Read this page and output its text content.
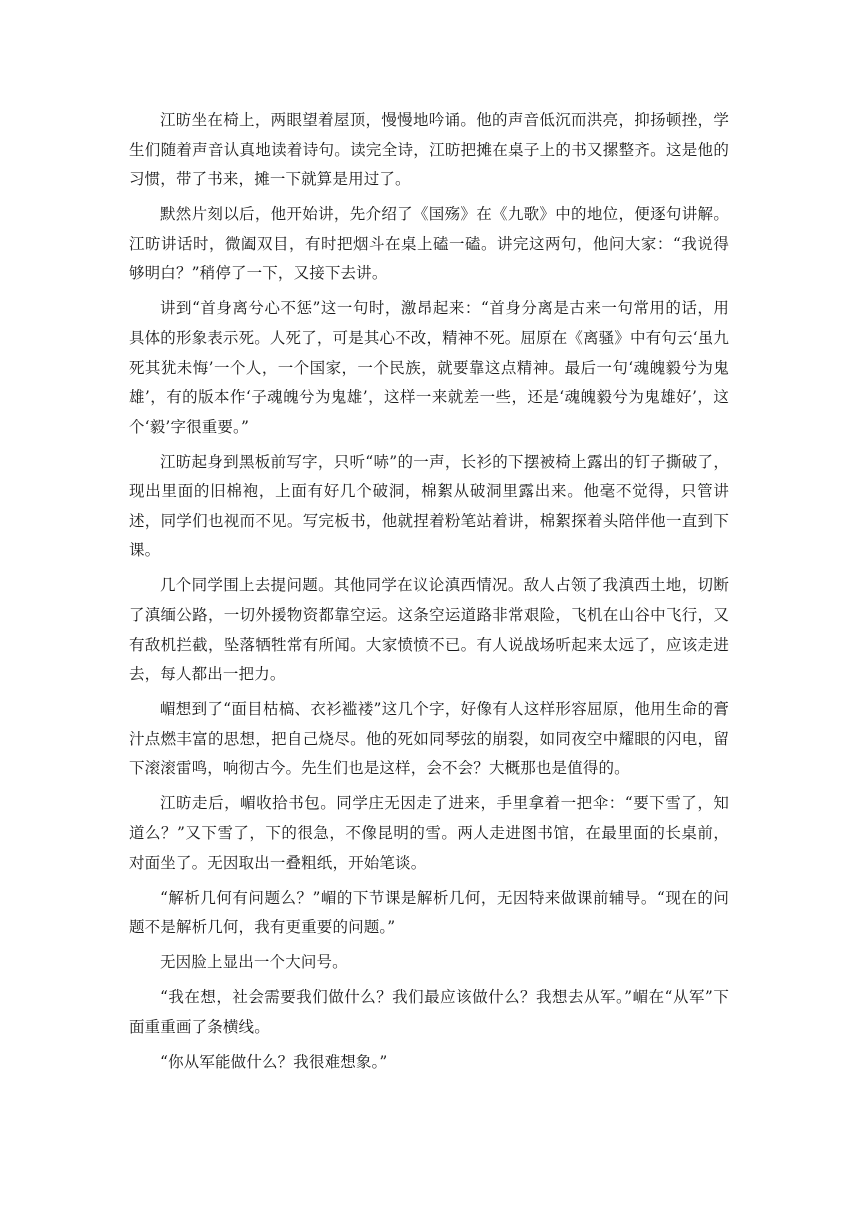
江昉坐在椅上，两眼望着屋顶，慢慢地吟诵。他的声音低沉而洪亮，抑扬顿挫，学生们随着声音认真地读着诗句。读完全诗，江昉把摊在桌子上的书又摞整齐。这是他的习惯，带了书来，摊一下就算是用过了。

默然片刻以后，他开始讲，先介绍了《国殇》在《九歌》中的地位，便逐句讲解。江昉讲话时，微阖双目，有时把烟斗在桌上磕一磕。讲完这两句，他问大家：“我说得够明白？”稍停了一下，又接下去讲。

讲到“首身离兮心不惩”这一句时，激昂起来：“首身分离是古来一句常用的话，用具体的形象表示死。人死了，可是其心不改，精神不死。屈原在《离骚》中有句云‘虽九死其犹未悔’一个人，一个国家，一个民族，就要靠这点精神。最后一句‘魂魄毅兮为鬼雄’，有的版本作‘子魂魄兮为鬼雄’，这样一来就差一些，还是‘魂魄毅兮为鬼雄好’，这个‘毅’字很重要。”

江昉起身到黑板前写字，只听“哧”的一声，长衫的下摆被椅上露出的钉子撕破了，现出里面的旧棉袍，上面有好几个破洞，棉絮从破洞里露出来。他毫不觉得，只管讲述，同学们也视而不见。写完板书，他就捏着粉笔站着讲，棉絮探着头陪伴他一直到下课。

几个同学围上去提问题。其他同学在议论滇西情况。敌人占领了我滇西土地，切断了滇缅公路，一切外援物资都靠空运。这条空运道路非常艰险，飞机在山谷中飞行，又有敌机拦截，坠落牺牲常有所闻。大家愤愤不已。有人说战场听起来太远了，应该走进去，每人都出一把力。

嵋想到了“面目枯槁、衣衫褴褛”这几个字，好像有人这样形容屈原，他用生命的膏汁点燃丰富的思想，把自己烧尽。他的死如同琴弦的崩裂，如同夜空中耀眼的闪电，留下滚滚雷鸣，响彻古今。先生们也是这样，会不会？大概那也是值得的。

江昉走后，嵋收拾书包。同学庄无因走了进来，手里拿着一把伞：“要下雪了，知道么？”又下雪了，下的很急，不像昆明的雪。两人走进图书馆，在最里面的长桌前，对面坐了。无因取出一叠粗纸，开始笔谈。

“解析几何有问题么？”嵋的下节课是解析几何，无因特来做课前辅导。“现在的问题不是解析几何，我有更重要的问题。”

无因脸上显出一个大问号。

“我在想，社会需要我们做什么？我们最应该做什么？我想去从军。”嵋在“从军”下面重重画了条横线。

“你从军能做什么？我很难想象。”
